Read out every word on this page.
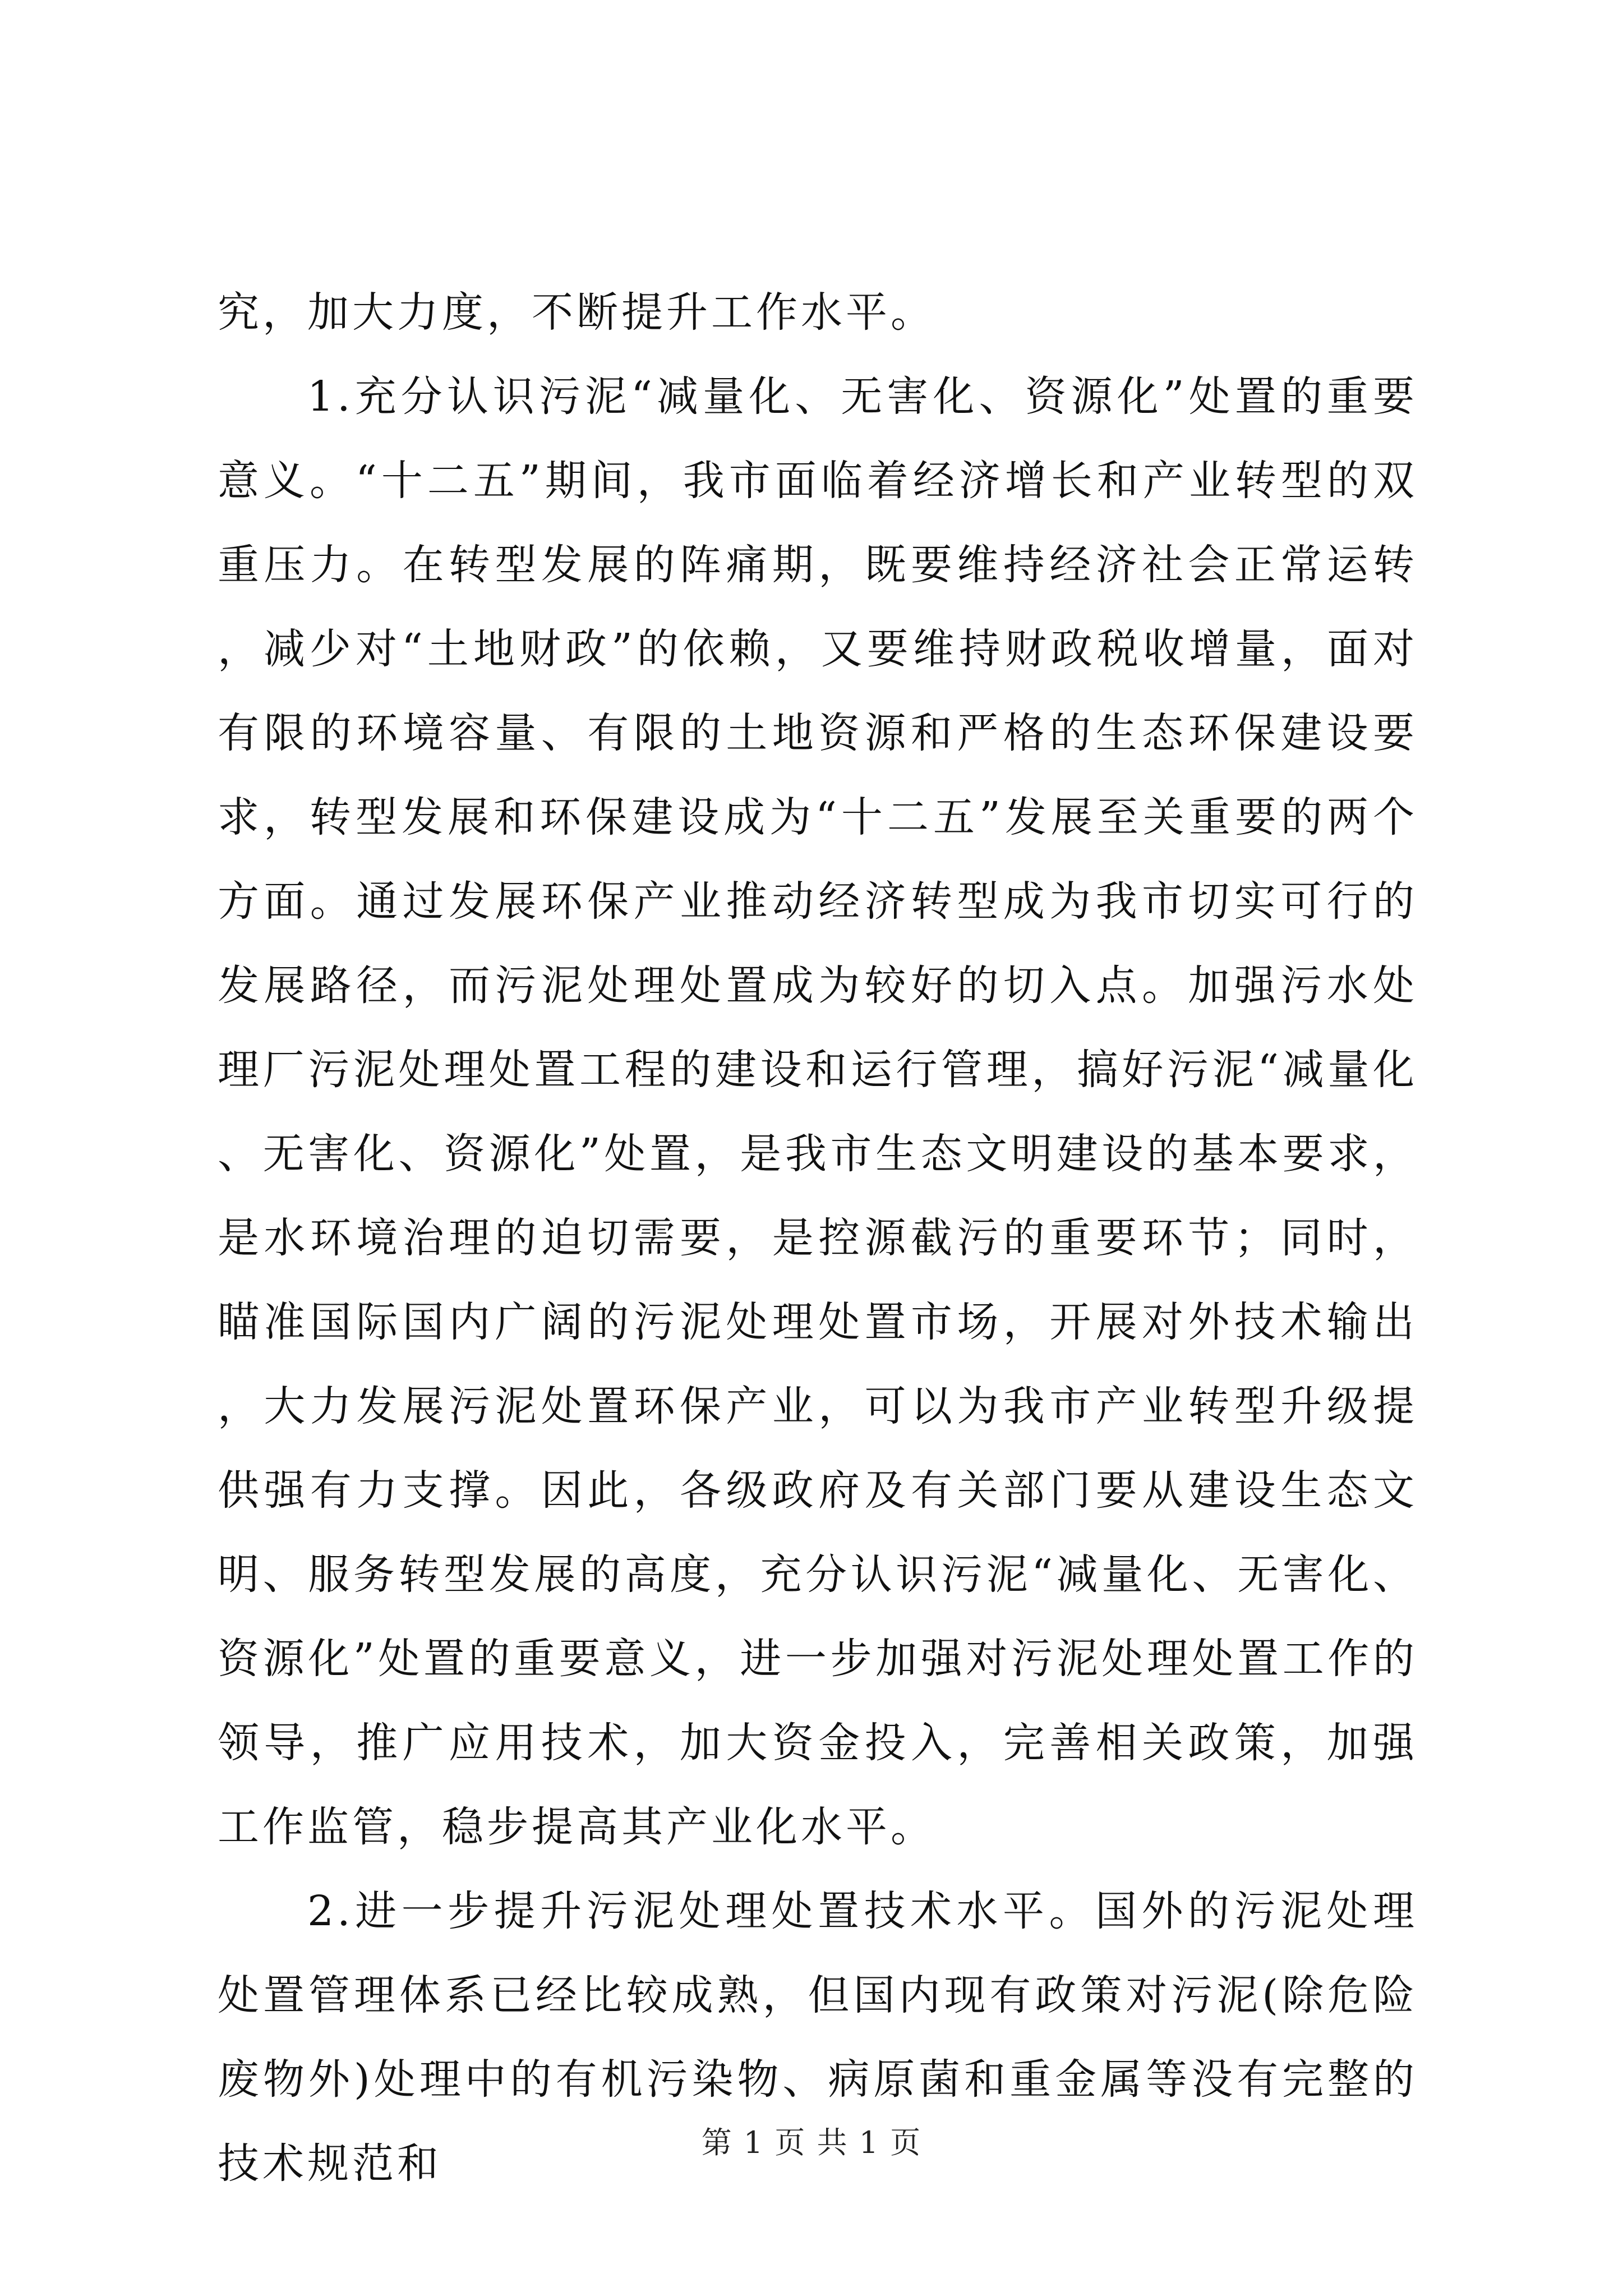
究，加大力度，不断提升工作水平。

1.充分认识污泥“减量化、无害化、资源化”处置的重要意义。“十二五”期间，我市面临着经济增长和产业转型的双重压力。在转型发展的阵痛期，既要维持经济社会正常运转，减少对“土地财政”的依赖，又要维持财政税收增量，面对有限的环境容量、有限的土地资源和严格的生态环保建设要求，转型发展和环保建设成为“十二五”发展至关重要的两个方面。通过发展环保产业推动经济转型成为我市切实可行的发展路径，而污泥处理处置成为较好的切入点。加强污水处理厂污泥处理处置工程的建设和运行管理，搞好污泥“减量化、无害化、资源化”处置，是我市生态文明建设的基本要求，是水环境治理的迫切需要，是控源截污的重要环节；同时，瞄准国际国内广阔的污泥处理处置市场，开展对外技术输出，大力发展污泥处置环保产业，可以为我市产业转型升级提供强有力支撑。因此，各级政府及有关部门要从建设生态文明、服务转型发展的高度，充分认识污泥“减量化、无害化、资源化”处置的重要意义，进一步加强对污泥处理处置工作的领导，推广应用技术，加大资金投入，完善相关政策，加强工作监管，稳步提高其产业化水平。

2.进一步提升污泥处理处置技术水平。国外的污泥处理处置管理体系已经比较成熟，但国内现有政策对污泥(除危险废物外)处理中的有机污染物、病原菌和重金属等没有完整的技术规范和	第 1 页 共 1 页
